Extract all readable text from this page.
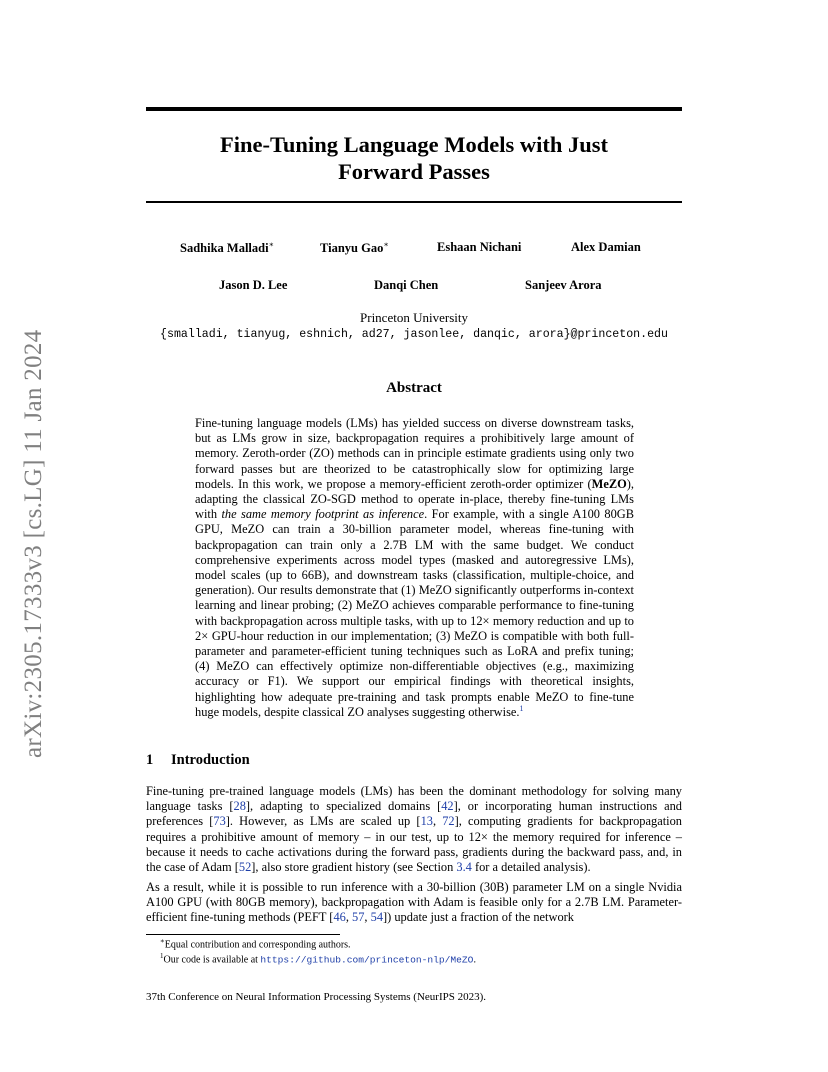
arXiv:2305.17333v3 [cs.LG] 11 Jan 2024
Fine-Tuning Language Models with Just
Forward Passes
Sadhika Malladi∗	Tianyu Gao∗	Eshaan Nichani	Alex Damian
Jason D. Lee	Danqi Chen	Sanjeev Arora
Princeton University
{smalladi, tianyug, eshnich, ad27, jasonlee, danqic, arora}@princeton.edu
Abstract
Fine-tuning language models (LMs) has yielded success on diverse downstream tasks, but as LMs grow in size, backpropagation requires a prohibitively large amount of memory. Zeroth-order (ZO) methods can in principle estimate gradients using only two forward passes but are theorized to be catastrophically slow for optimizing large models. In this work, we propose a memory-efficient zeroth-order optimizer (MeZO), adapting the classical ZO-SGD method to operate in-place, thereby fine-tuning LMs with the same memory footprint as inference. For example, with a single A100 80GB GPU, MeZO can train a 30-billion parameter model, whereas fine-tuning with backpropagation can train only a 2.7B LM with the same budget. We conduct comprehensive experiments across model types (masked and autoregressive LMs), model scales (up to 66B), and downstream tasks (classification, multiple-choice, and generation). Our results demonstrate that (1) MeZO significantly outperforms in-context learning and linear probing; (2) MeZO achieves comparable performance to fine-tuning with backpropagation across multiple tasks, with up to 12× memory reduction and up to 2× GPU-hour reduction in our implementation; (3) MeZO is compatible with both full-parameter and parameter-efficient tuning techniques such as LoRA and prefix tuning; (4) MeZO can effectively optimize non-differentiable objectives (e.g., maximizing accuracy or F1). We support our empirical findings with theoretical insights, highlighting how adequate pre-training and task prompts enable MeZO to fine-tune huge models, despite classical ZO analyses suggesting otherwise.$^1$
1 Introduction
Fine-tuning pre-trained language models (LMs) has been the dominant methodology for solving many language tasks [28], adapting to specialized domains [42], or incorporating human instructions and preferences [73]. However, as LMs are scaled up [13, 72], computing gradients for backpropagation requires a prohibitive amount of memory – in our test, up to 12× the memory required for inference – because it needs to cache activations during the forward pass, gradients during the backward pass, and, in the case of Adam [52], also store gradient history (see Section 3.4 for a detailed analysis).
As a result, while it is possible to run inference with a 30-billion (30B) parameter LM on a single Nvidia A100 GPU (with 80GB memory), backpropagation with Adam is feasible only for a 2.7B LM. Parameter-efficient fine-tuning methods (PEFT [46, 57, 54]) update just a fraction of the network
∗Equal contribution and corresponding authors.
$^1$Our code is available at https://github.com/princeton-nlp/MeZO.
37th Conference on Neural Information Processing Systems (NeurIPS 2023).
